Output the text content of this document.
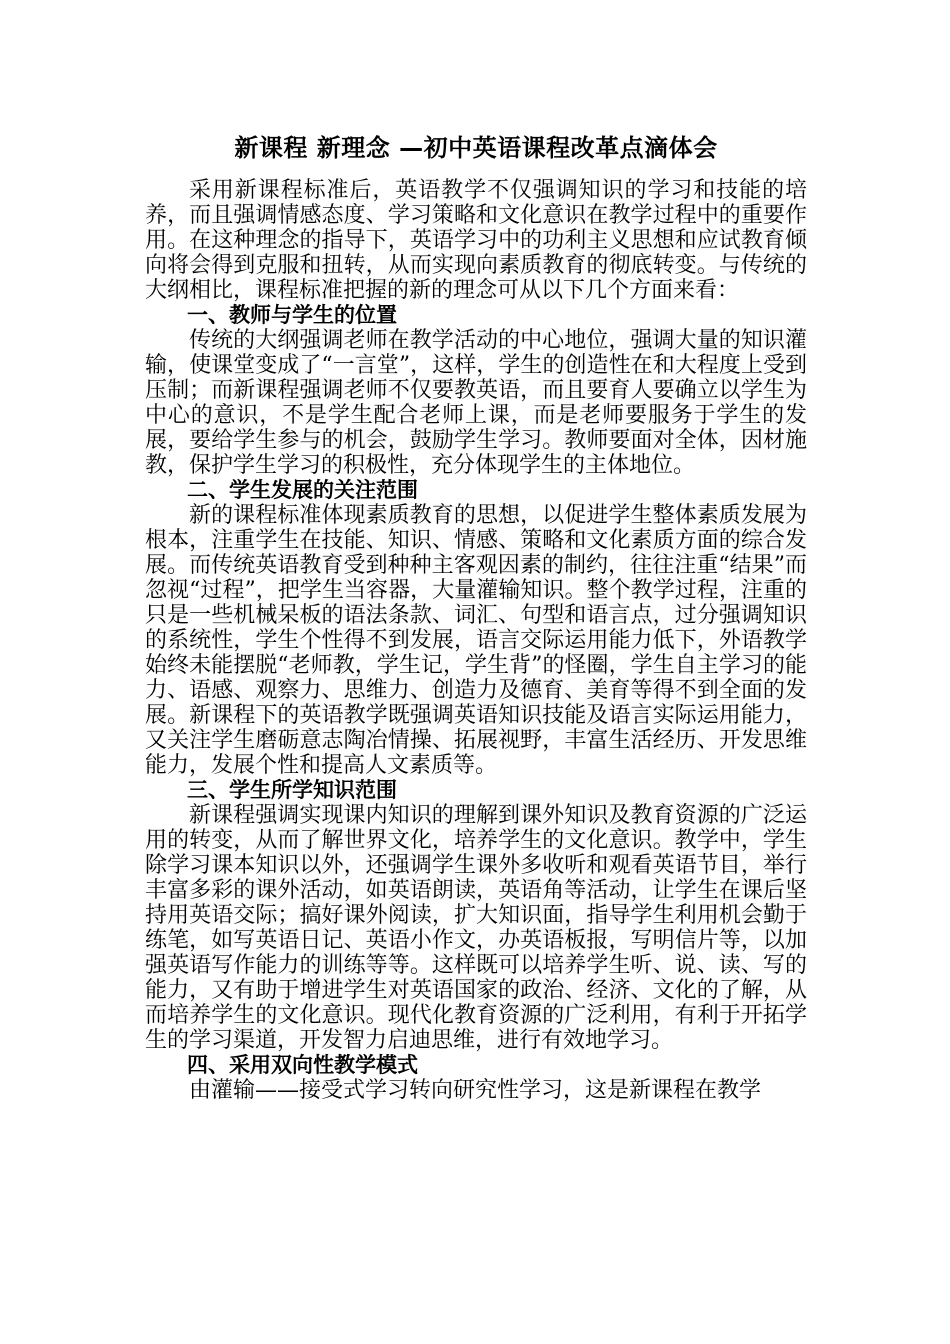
新课程 新理念 —初中英语课程改革点滴体会

采用新课程标准后，英语教学不仅强调知识的学习和技能的培养，而且强调情感态度、学习策略和文化意识在教学过程中的重要作用。在这种理念的指导下，英语学习中的功利主义思想和应试教育倾向将会得到克服和扭转，从而实现向素质教育的彻底转变。与传统的大纲相比，课程标准把握的新的理念可从以下几个方面来看：

一、教师与学生的位置

传统的大纲强调老师在教学活动的中心地位，强调大量的知识灌输，使课堂变成了“一言堂”，这样，学生的创造性在和大程度上受到压制；而新课程强调老师不仅要教英语，而且要育人要确立以学生为中心的意识，不是学生配合老师上课，而是老师要服务于学生的发展，要给学生参与的机会，鼓励学生学习。教师要面对全体，因材施教，保护学生学习的积极性，充分体现学生的主体地位。

二、学生发展的关注范围

新的课程标准体现素质教育的思想，以促进学生整体素质发展为根本，注重学生在技能、知识、情感、策略和文化素质方面的综合发展。而传统英语教育受到种种主客观因素的制约，往往注重“结果”而忽视“过程”，把学生当容器，大量灌输知识。整个教学过程，注重的只是一些机械呆板的语法条款、词汇、句型和语言点，过分强调知识的系统性，学生个性得不到发展，语言交际运用能力低下，外语教学始终未能摆脱“老师教，学生记，学生背”的怪圈，学生自主学习的能力、语感、观察力、思维力、创造力及德育、美育等得不到全面的发展。新课程下的英语教学既强调英语知识技能及语言实际运用能力，又关注学生磨砺意志陶冶情操、拓展视野，丰富生活经历、开发思维能力，发展个性和提高人文素质等。

三、学生所学知识范围

新课程强调实现课内知识的理解到课外知识及教育资源的广泛运用的转变，从而了解世界文化，培养学生的文化意识。教学中，学生除学习课本知识以外，还强调学生课外多收听和观看英语节目，举行丰富多彩的课外活动，如英语朗读，英语角等活动，让学生在课后坚持用英语交际；搞好课外阅读，扩大知识面，指导学生利用机会勤于练笔，如写英语日记、英语小作文，办英语板报，写明信片等，以加强英语写作能力的训练等等。这样既可以培养学生听、说、读、写的能力，又有助于增进学生对英语国家的政治、经济、文化的了解，从而培养学生的文化意识。现代化教育资源的广泛利用，有利于开拓学生的学习渠道，开发智力启迪思维，进行有效地学习。

四、采用双向性教学模式

由灌输——接受式学习转向研究性学习，这是新课程在教学
